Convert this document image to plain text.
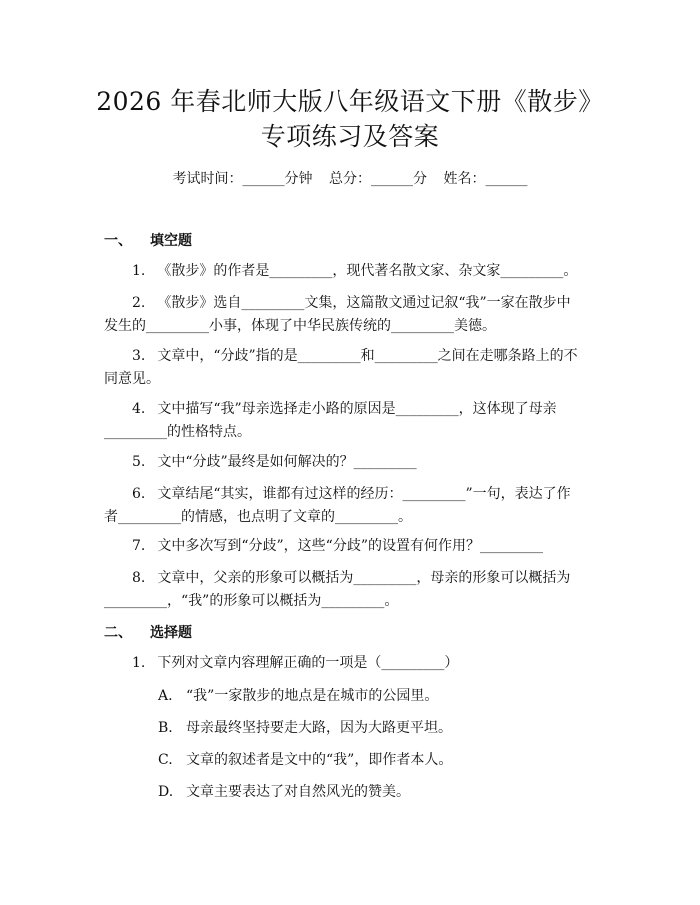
2026 年春北师大版八年级语文下册《散步》
专项练习及答案
考试时间：______分钟 总分：______分 姓名：______
一、 填空题
1. 《散步》的作者是_________，现代著名散文家、杂文家_________。
2. 《散步》选自_________文集，这篇散文通过记叙“我”一家在散步中发生的_________小事，体现了中华民族传统的_________美德。
3. 文章中，“分歧”指的是_________和_________之间在走哪条路上的不同意见。
4. 文中描写“我”母亲选择走小路的原因是_________，这体现了母亲_________的性格特点。
5. 文中“分歧”最终是如何解决的？_________
6. 文章结尾“其实，谁都有过这样的经历：_________”一句，表达了作者_________的情感，也点明了文章的_________。
7. 文中多次写到“分歧”，这些“分歧”的设置有何作用？_________
8. 文章中，父亲的形象可以概括为_________，母亲的形象可以概括为_________，“我”的形象可以概括为_________。
二、 选择题
1. 下列对文章内容理解正确的一项是（_________）
A. “我”一家散步的地点是在城市的公园里。
B. 母亲最终坚持要走大路，因为大路更平坦。
C. 文章的叙述者是文中的“我”，即作者本人。
D. 文章主要表达了对自然风光的赞美。
